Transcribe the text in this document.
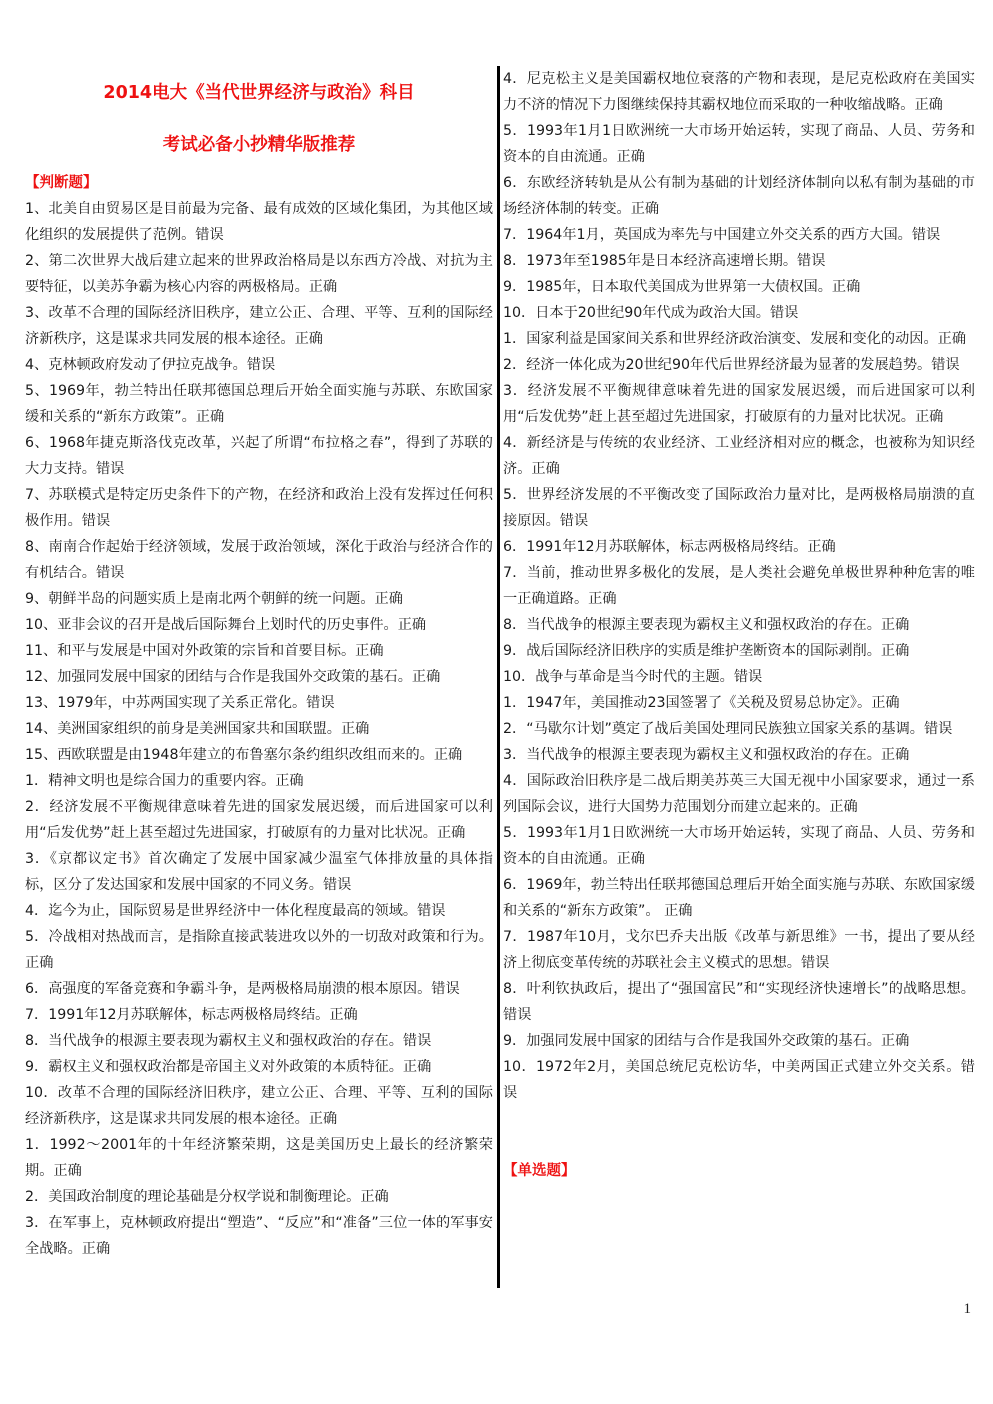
2014电大《当代世界经济与政治》科目
考试必备小抄精华版推荐
【判断题】
1、北美自由贸易区是目前最为完备、最有成效的区域化集团，为其他区域化组织的发展提供了范例。错误
2、第二次世界大战后建立起来的世界政治格局是以东西方冷战、对抗为主要特征，以美苏争霸为核心内容的两极格局。正确
3、改革不合理的国际经济旧秩序，建立公正、合理、平等、互利的国际经济新秩序，这是谋求共同发展的根本途径。正确
4、克林顿政府发动了伊拉克战争。错误
5、1969年，勃兰特出任联邦德国总理后开始全面实施与苏联、东欧国家缓和关系的“新东方政策”。正确
6、1968年捷克斯洛伐克改革，兴起了所谓“布拉格之春”，得到了苏联的大力支持。错误
7、苏联模式是特定历史条件下的产物，在经济和政治上没有发挥过任何积极作用。错误
8、南南合作起始于经济领域，发展于政治领域，深化于政治与经济合作的有机结合。错误
9、朝鲜半岛的问题实质上是南北两个朝鲜的统一问题。正确
10、亚非会议的召开是战后国际舞台上划时代的历史事件。正确
11、和平与发展是中国对外政策的宗旨和首要目标。正确
12、加强同发展中国家的团结与合作是我国外交政策的基石。正确
13、1979年，中苏两国实现了关系正常化。错误
14、美洲国家组织的前身是美洲国家共和国联盟。正确
15、西欧联盟是由1948年建立的布鲁塞尔条约组织改组而来的。正确
1．精神文明也是综合国力的重要内容。正确
2．经济发展不平衡规律意味着先进的国家发展迟缓，而后进国家可以利用“后发优势”赶上甚至超过先进国家，打破原有的力量对比状况。正确
3．《京都议定书》首次确定了发展中国家减少温室气体排放量的具体指标，区分了发达国家和发展中国家的不同义务。错误
4．迄今为止，国际贸易是世界经济中一体化程度最高的领域。错误
5．冷战相对热战而言，是指除直接武装进攻以外的一切敌对政策和行为。正确
6．高强度的军备竞赛和争霸斗争，是两极格局崩溃的根本原因。错误
7．1991年12月苏联解体，标志两极格局终结。正确
8．当代战争的根源主要表现为霸权主义和强权政治的存在。错误
9．霸权主义和强权政治都是帝国主义对外政策的本质特征。正确
10．改革不合理的国际经济旧秩序，建立公正、合理、平等、互利的国际经济新秩序，这是谋求共同发展的根本途径。正确
1．1992～2001年的十年经济繁荣期，这是美国历史上最长的经济繁荣期。正确
2．美国政治制度的理论基础是分权学说和制衡理论。正确
3．在军事上，克林顿政府提出“塑造”、“反应”和“准备”三位一体的军事安全战略。正确
4．尼克松主义是美国霸权地位衰落的产物和表现，是尼克松政府在美国实力不济的情况下力图继续保持其霸权地位而采取的一种收缩战略。正确
5．1993年1月1日欧洲统一大市场开始运转，实现了商品、人员、劳务和资本的自由流通。正确
6．东欧经济转轨是从公有制为基础的计划经济体制向以私有制为基础的市场经济体制的转变。正确
7．1964年1月，英国成为率先与中国建立外交关系的西方大国。错误
8．1973年至1985年是日本经济高速增长期。错误
9．1985年，日本取代美国成为世界第一大债权国。正确
10．日本于20世纪90年代成为政治大国。错误
1．国家利益是国家间关系和世界经济政治演变、发展和变化的动因。正确
2．经济一体化成为20世纪90年代后世界经济最为显著的发展趋势。错误
3．经济发展不平衡规律意味着先进的国家发展迟缓，而后进国家可以利用“后发优势”赶上甚至超过先进国家，打破原有的力量对比状况。正确
4．新经济是与传统的农业经济、工业经济相对应的概念，也被称为知识经济。正确
5．世界经济发展的不平衡改变了国际政治力量对比，是两极格局崩溃的直接原因。错误
6．1991年12月苏联解体，标志两极格局终结。正确
7．当前，推动世界多极化的发展，是人类社会避免单极世界种种危害的唯一正确道路。正确
8．当代战争的根源主要表现为霸权主义和强权政治的存在。正确
9．战后国际经济旧秩序的实质是维护垄断资本的国际剥削。正确
10．战争与革命是当今时代的主题。错误
1．1947年，美国推动23国签署了《关税及贸易总协定》。正确
2．“马歇尔计划”奠定了战后美国处理同民族独立国家关系的基调。错误
3．当代战争的根源主要表现为霸权主义和强权政治的存在。正确
4．国际政治旧秩序是二战后期美苏英三大国无视中小国家要求，通过一系列国际会议，进行大国势力范围划分而建立起来的。正确
5．1993年1月1日欧洲统一大市场开始运转，实现了商品、人员、劳务和资本的自由流通。正确
6．1969年，勃兰特出任联邦德国总理后开始全面实施与苏联、东欧国家缓和关系的“新东方政策”。 正确
7．1987年10月，戈尔巴乔夫出版《改革与新思维》一书，提出了要从经济上彻底变革传统的苏联社会主义模式的思想。错误
8．叶利钦执政后，提出了“强国富民”和“实现经济快速增长”的战略思想。错误
9．加强同发展中国家的团结与合作是我国外交政策的基石。正确
10．1972年2月，美国总统尼克松访华，中美两国正式建立外交关系。错误
【单选题】
1
